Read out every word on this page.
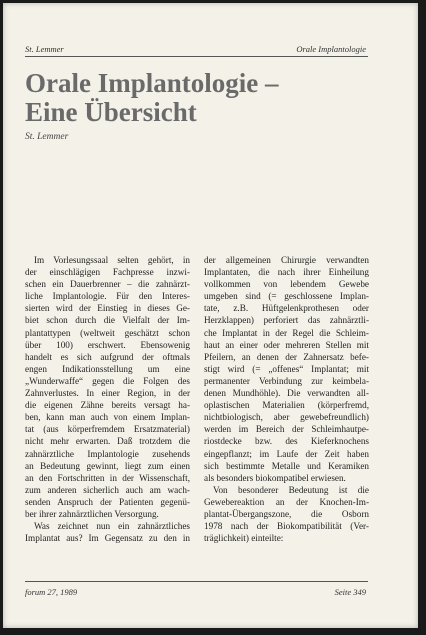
St. Lemmer	Orale Implantologie
Orale Implantologie –
Eine Übersicht
St. Lemmer
Im Vorlesungssaal selten gehört, in
der einschlägigen Fachpresse inzwi-
schen ein Dauerbrenner – die zahnärzt-
liche Implantologie. Für den Interes-
sierten wird der Einstieg in dieses Ge-
biet schon durch die Vielfalt der Im-
plantattypen (weltweit geschätzt schon
über 100) erschwert. Ebensowenig
handelt es sich aufgrund der oftmals
engen Indikationsstellung um eine
„Wunderwaffe“ gegen die Folgen des
Zahnverlustes. In einer Region, in der
die eigenen Zähne bereits versagt ha-
ben, kann man auch von einem Implan-
tat (aus körperfremdem Ersatzmaterial)
nicht mehr erwarten. Daß trotzdem die
zahnärztliche Implantologie zusehends
an Bedeutung gewinnt, liegt zum einen
an den Fortschritten in der Wissenschaft,
zum anderen sicherlich auch am wach-
senden Anspruch der Patienten gegenü-
ber ihrer zahnärztlichen Versorgung.
Was zeichnet nun ein zahnärztliches
Implantat aus? Im Gegensatz zu den in
der allgemeinen Chirurgie verwandten
Implantaten, die nach ihrer Einheilung
vollkommen von lebendem Gewebe
umgeben sind (= geschlossene Implan-
tate, z.B. Hüftgelenkprothesen oder
Herzklappen) perforiert das zahnärztli-
che Implantat in der Regel die Schleim-
haut an einer oder mehreren Stellen mit
Pfeilern, an denen der Zahnersatz befe-
stigt wird (= „offenes“ Implantat; mit
permanenter Verbindung zur keimbela-
denen Mundhöhle). Die verwandten all-
oplastischen Materialien (körperfremd,
nichtbiologisch, aber gewebefreundlich)
werden im Bereich der Schleimhautpe-
riostdecke bzw. des Kieferknochens
eingepflanzt; im Laufe der Zeit haben
sich bestimmte Metalle und Keramiken
als besonders biokompatibel erwiesen.
Von besonderer Bedeutung ist die
Gewebereaktion an der Knochen-Im-
plantat-Übergangszone, die Osborn
1978 nach der Biokompatibilität (Ver-
träglichkeit) einteilte:
forum 27, 1989	Seite 349
